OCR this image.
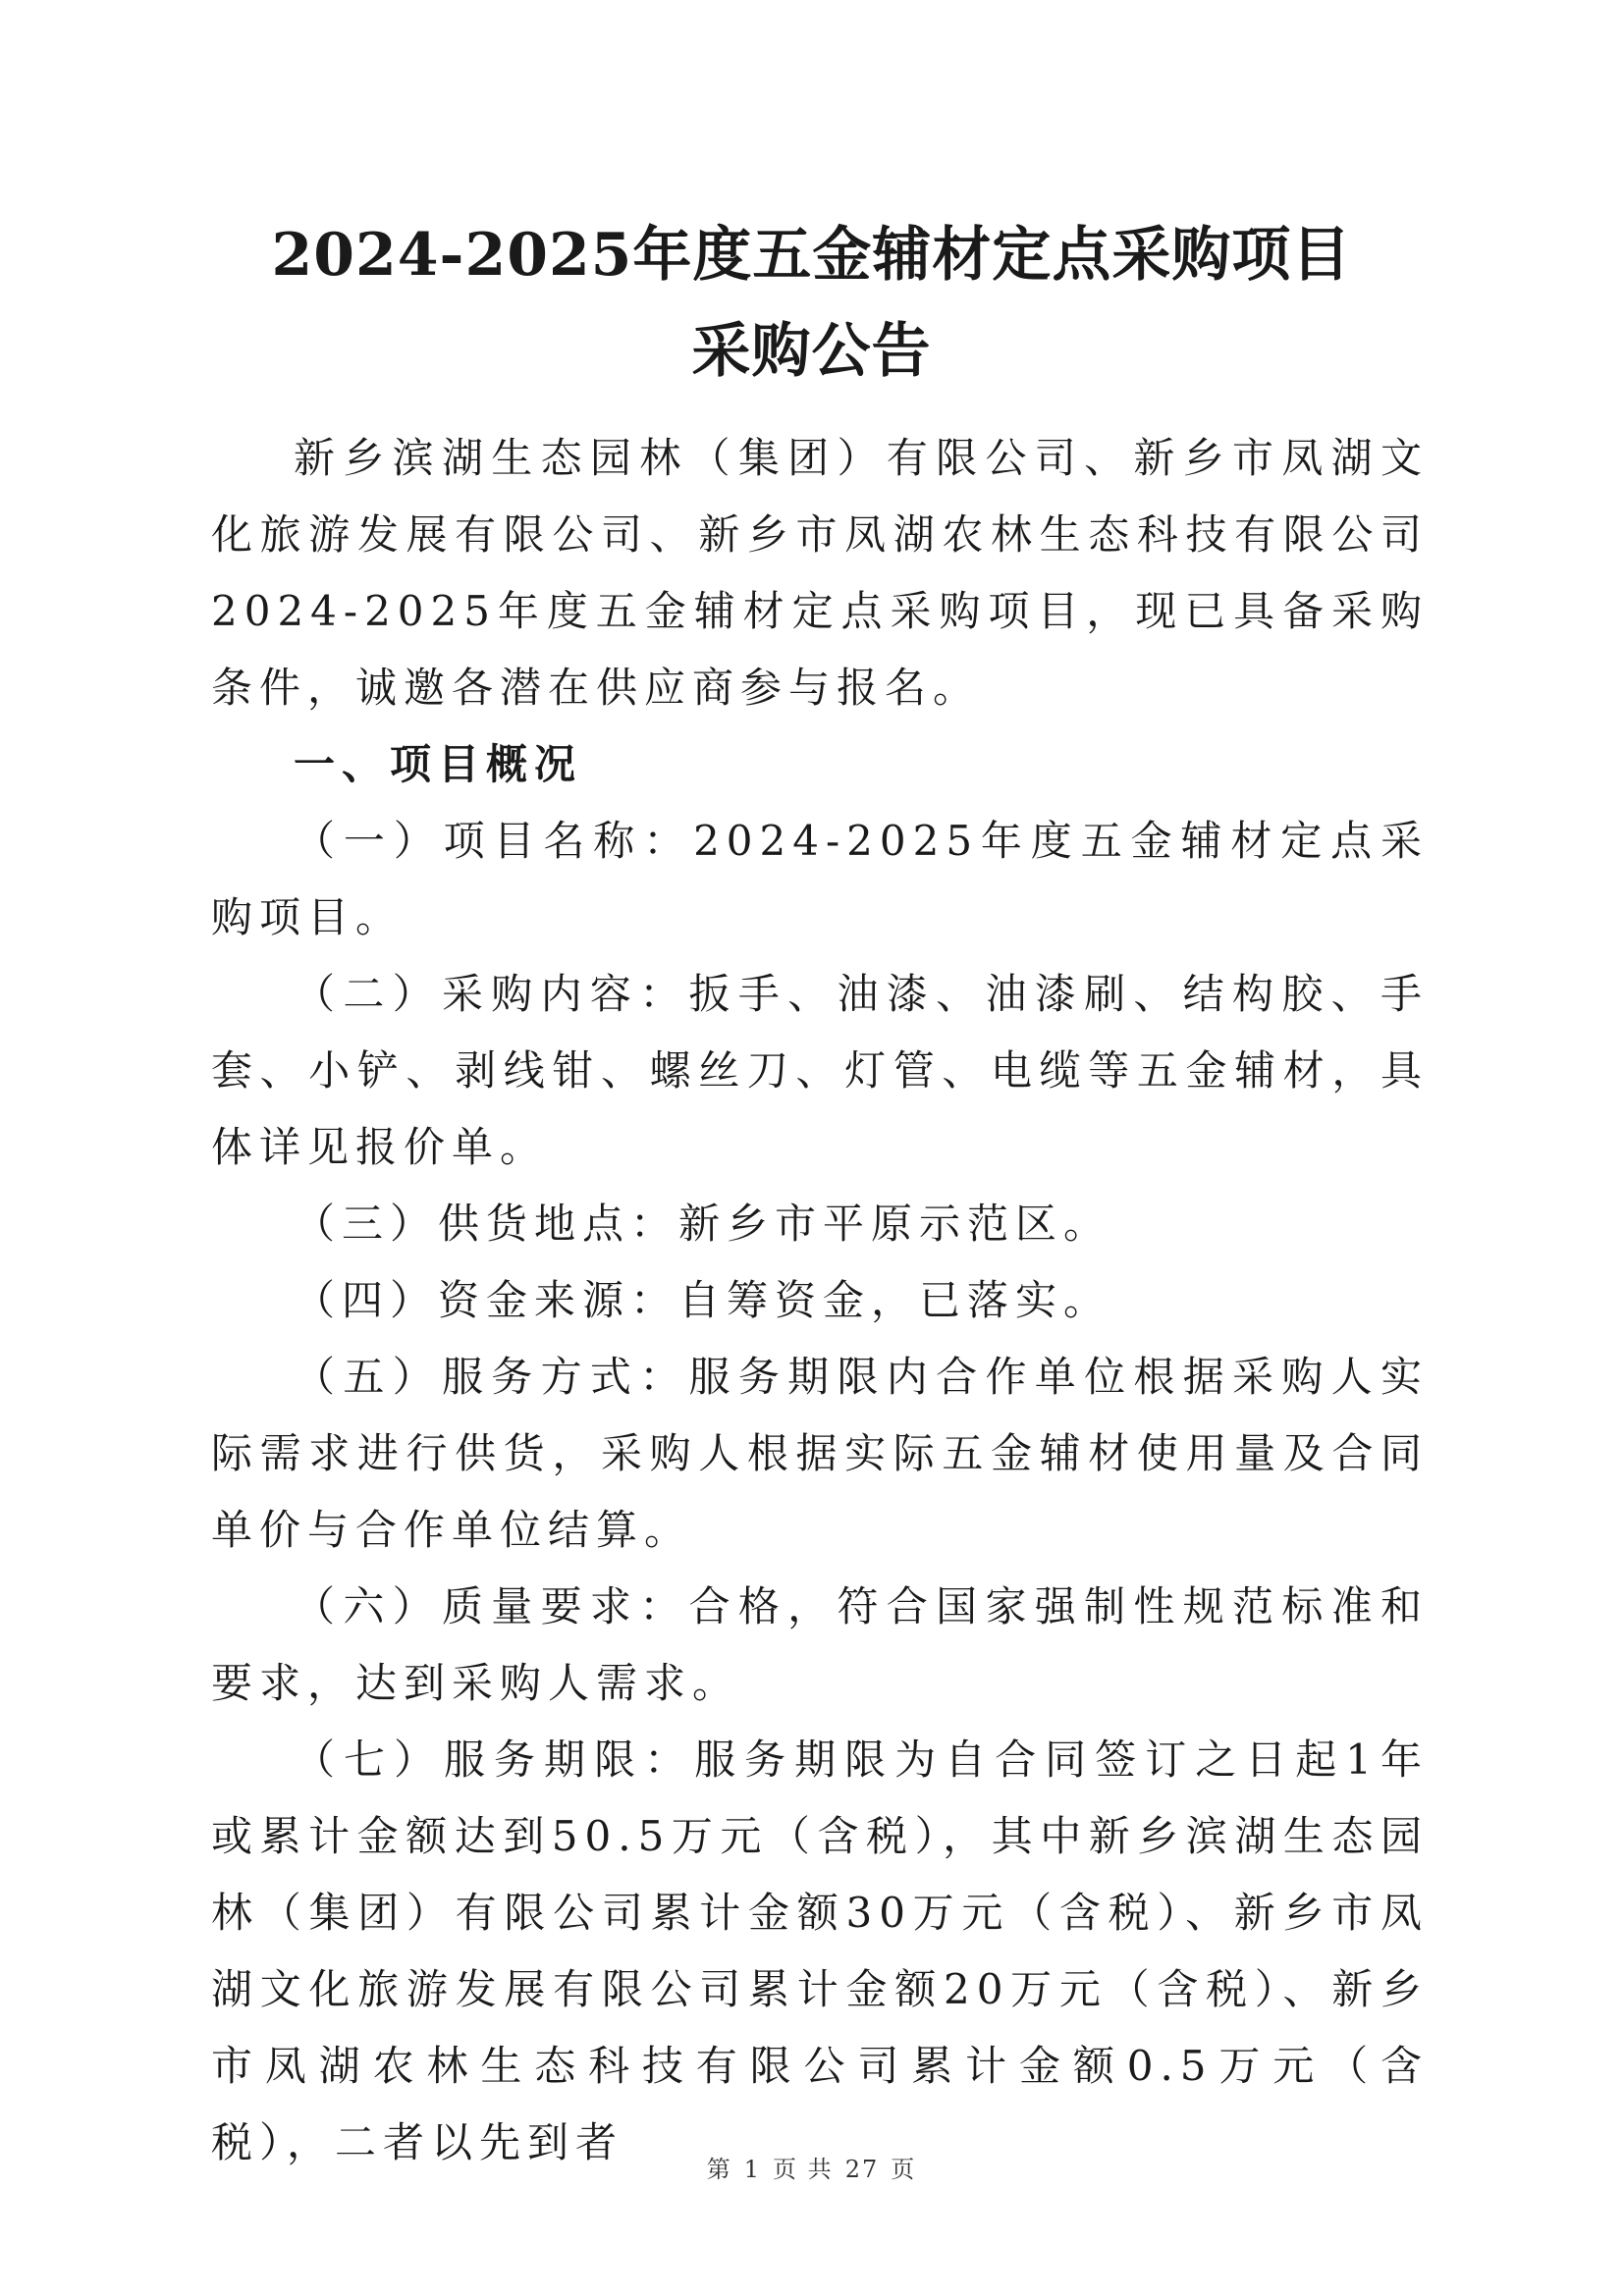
2024-2025年度五金辅材定点采购项目
采购公告

新乡滨湖生态园林（集团）有限公司、新乡市凤湖文化旅游发展有限公司、新乡市凤湖农林生态科技有限公司2024-2025年度五金辅材定点采购项目，现已具备采购条件，诚邀各潜在供应商参与报名。

一、项目概况

（一）项目名称：2024-2025年度五金辅材定点采购项目。

（二）采购内容：扳手、油漆、油漆刷、结构胶、手套、小铲、剥线钳、螺丝刀、灯管、电缆等五金辅材，具体详见报价单。

（三）供货地点：新乡市平原示范区。

（四）资金来源：自筹资金，已落实。

（五）服务方式：服务期限内合作单位根据采购人实际需求进行供货，采购人根据实际五金辅材使用量及合同单价与合作单位结算。

（六）质量要求：合格，符合国家强制性规范标准和要求，达到采购人需求。

（七）服务期限：服务期限为自合同签订之日起1年或累计金额达到50.5万元（含税），其中新乡滨湖生态园林（集团）有限公司累计金额30万元（含税）、新乡市凤湖文化旅游发展有限公司累计金额20万元（含税）、新乡市凤湖农林生态科技有限公司累计金额0.5万元（含税），二者以先到者

第 1 页 共 27 页
